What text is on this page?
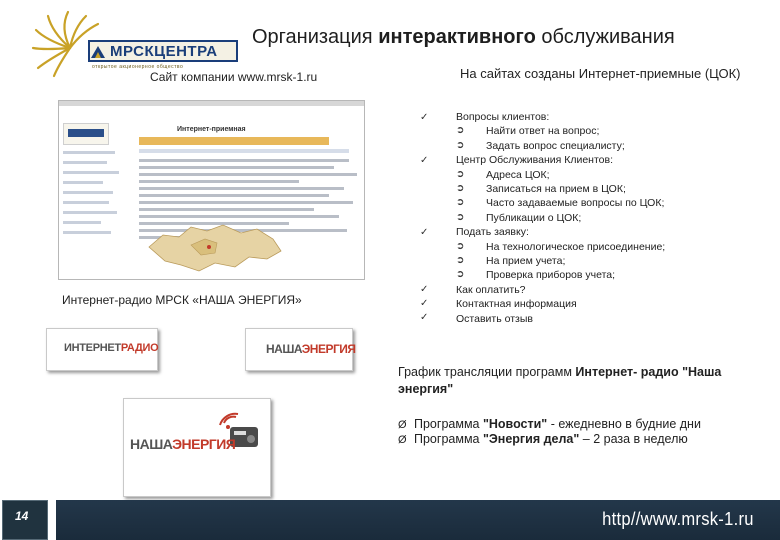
МРСКЦЕНТРА
открытое акционерное общество
Организация интерактивного обслуживания
Сайт компании www.mrsk-1.ru
Интернет-приемная
Интернет-радио МРСК «НАША ЭНЕРГИЯ»
ИНТЕРНЕТРАДИО	НАШАЭНЕРГИЯ
НАШАЭНЕРГИЯ
На сайтах созданы Интернет-приемные (ЦОК)
✓
✓
✓
✓
✓
✓
Вопросы клиентов:
➲ Найти ответ на вопрос;
➲ Задать вопрос специалисту;
Центр Обслуживания Клиентов:
➲ Адреса ЦОК;
➲ Записаться на прием в ЦОК;
➲ Часто задаваемые вопросы по ЦОК;
➲ Публикации о ЦОК;
Подать заявку:
➲ На технологическое присоединение;
➲ На прием учета;
➲ Проверка приборов учета;
Как оплатить?
Контактная информация
Оставить отзыв
График трансляции программ Интернет- радио "Наша энергия"
Ø Программа "Новости" - ежедневно в будние дни
Ø Программа "Энергия дела" – 2 раза в неделю
14	http//www.mrsk-1.ru
